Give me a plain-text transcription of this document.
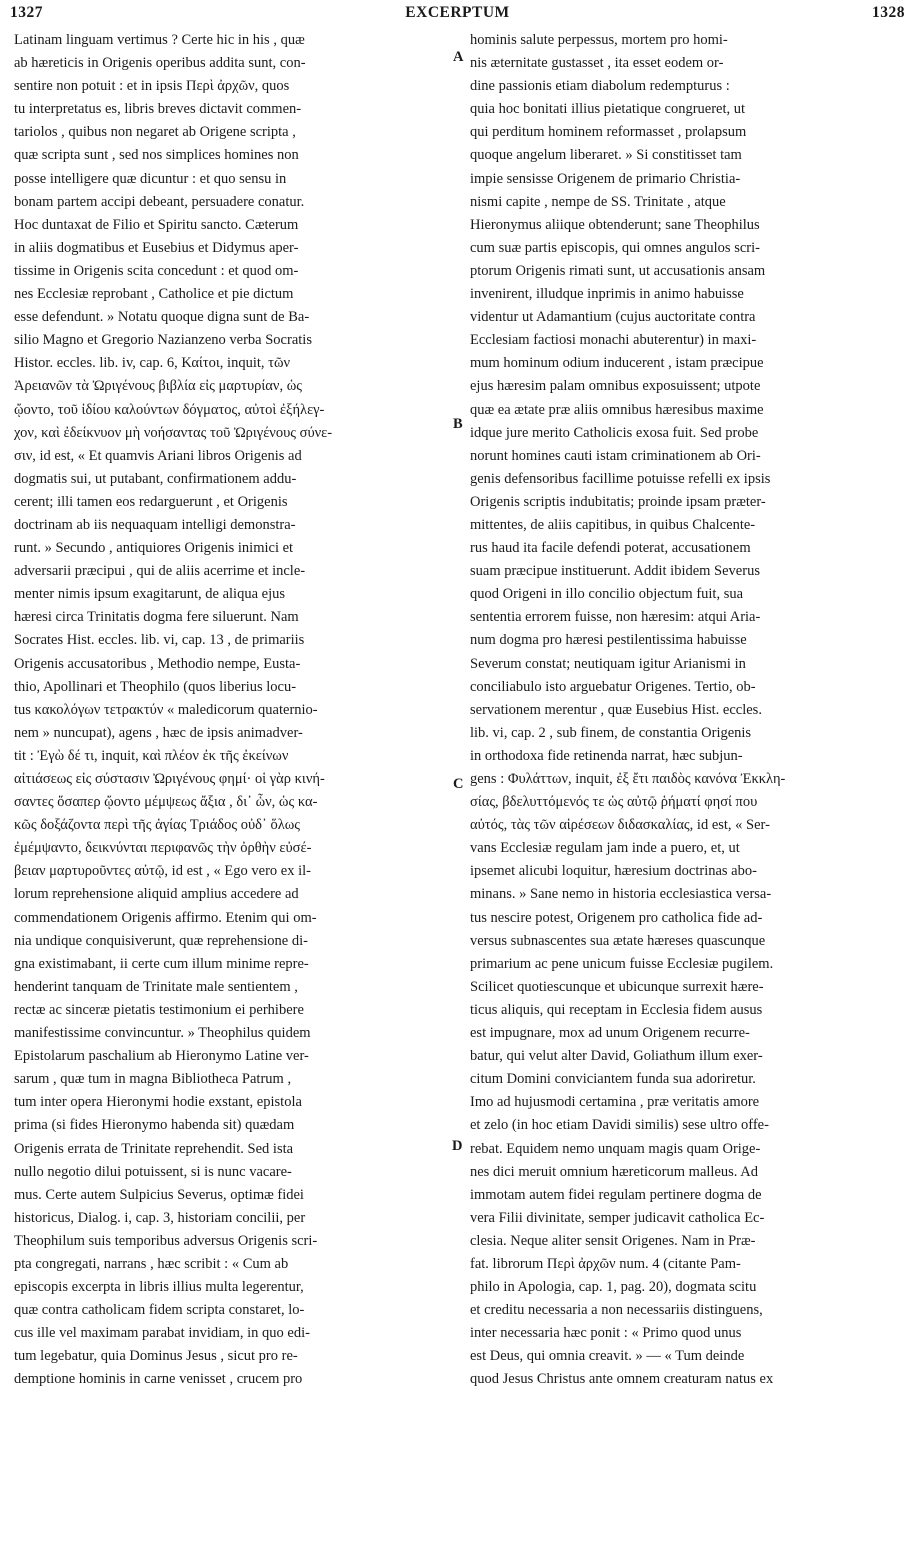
1327	EXCERPTUM	1328
Latinam linguam vertimus ? Certe hic in his , quæ
ab hæreticis in Origenis operibus addita sunt, con-
sentire non potuit : et in ipsis Περὶ ἀρχῶν, quos
tu interpretatus es, libris breves dictavit commen-
tariolos , quibus non negaret ab Origene scripta ,
quæ scripta sunt , sed nos simplices homines non
posse intelligere quæ dicuntur : et quo sensu in
bonam partem accipi debeant, persuadere conatur.
Hoc duntaxat de Filio et Spiritu sancto. Cæterum
in aliis dogmatibus et Eusebius et Didymus aper-
tissime in Origenis scita concedunt : et quod om-
nes Ecclesiæ reprobant , Catholice et pie dictum
esse defendunt. » Notatu quoque digna sunt de Ba-
silio Magno et Gregorio Nazianzeno verba Socratis
Histor. eccles. lib. iv, cap. 6, Καίτοι, inquit, τῶν
Ἀρειανῶν τὰ Ὠριγένους βιβλία εἰς μαρτυρίαν, ὡς
ᾤοντο, τοῦ ἰδίου καλούντων δόγματος, αὐτοὶ ἐξήλεγ-
χον, καὶ ἐδείκνυον μὴ νοήσαντας τοῦ Ὠριγένους σύνε-
σιν, id est, « Et quamvis Ariani libros Origenis ad
dogmatis sui, ut putabant, confirmationem addu-
cerent; illi tamen eos redarguerunt , et Origenis
doctrinam ab iis nequaquam intelligi demonstra-
runt. » Secundo , antiquiores Origenis inimici et
adversarii præcipui , qui de aliis acerrime et incle-
menter nimis ipsum exagitarunt, de aliqua ejus
hæresi circa Trinitatis dogma fere siluerunt. Nam
Socrates Hist. eccles. lib. vi, cap. 13 , de primariis
Origenis accusatoribus , Methodio nempe, Eusta-
thio, Apollinari et Theophilo (quos liberius locu-
tus κακολόγων τετρακτύν « maledicorum quaternio-
nem » nuncupat), agens , hæc de ipsis animadver-
tit : Ἐγὼ δέ τι, inquit, καὶ πλέον ἐκ τῆς ἐκείνων
αἰτιάσεως εἰς σύστασιν Ὠριγένους φημί· οἱ γὰρ κινή-
σαντες ὅσαπερ ᾤοντο μέμψεως ἄξια , δι᾽ ὧν, ὡς κα-
κῶς δοξάζοντα περὶ τῆς ἁγίας Τριάδος οὐδ᾽ ὅλως
ἐμέμψαντο, δεικνύνται περιφανῶς τὴν ὀρθὴν εὐσέ-
βειαν μαρτυροῦντες αὐτῷ, id est , « Ego vero ex il-
lorum reprehensione aliquid amplius accedere ad
commendationem Origenis affirmo. Etenim qui om-
nia undique conquisiverunt, quæ reprehensione di-
gna existimabant, ii certe cum illum minime repre-
henderint tanquam de Trinitate male sentientem ,
rectæ ac sinceræ pietatis testimonium ei perhibere
manifestissime convincuntur. » Theophilus quidem
Epistolarum paschalium ab Hieronymo Latine ver-
sarum , quæ tum in magna Bibliotheca Patrum ,
tum inter opera Hieronymi hodie exstant, epistola
prima (si fides Hieronymo habenda sit) quædam
Origenis errata de Trinitate reprehendit. Sed ista
nullo negotio dilui potuissent, si is nunc vacare-
mus. Certe autem Sulpicius Severus, optimæ fidei
historicus, Dialog. i, cap. 3, historiam concilii, per
Theophilum suis temporibus adversus Origenis scri-
pta congregati, narrans , hæc scribit : « Cum ab
episcopis excerpta in libris illius multa legerentur,
quæ contra catholicam fidem scripta constaret, lo-
cus ille vel maximam parabat invidiam, in quo edi-
tum legebatur, quia Dominus Jesus , sicut pro re-
demptione hominis in carne venisset , crucem pro
hominis salute perpessus, mortem pro homi-
nis æternitate gustasset , ita esset eodem or-
dine passionis etiam diabolum redempturus :
quia hoc bonitati illius pietatique congrueret, ut
qui perditum hominem reformasset , prolapsum
quoque angelum liberaret. » Si constitisset tam
impie sensisse Origenem de primario Christia-
nismi capite , nempe de SS. Trinitate , atque
Hieronymus aliique obtenderunt; sane Theophilus
cum suæ partis episcopis, qui omnes angulos scri-
ptorum Origenis rimati sunt, ut accusationis ansam
invenirent, illudque inprimis in animo habuisse
videntur ut Adamantium (cujus auctoritate contra
Ecclesiam factiosi monachi abuterentur) in maxi-
mum hominum odium inducerent , istam præcipue
ejus hæresim palam omnibus exposuissent; utpote
quæ ea ætate præ aliis omnibus hæresibus maxime
idque jure merito Catholicis exosa fuit. Sed probe
norunt homines cauti istam criminationem ab Ori-
genis defensoribus facillime potuisse refelli ex ipsis
Origenis scriptis indubitatis; proinde ipsam præter-
mittentes, de aliis capitibus, in quibus Chalcente-
rus haud ita facile defendi poterat, accusationem
suam præcipue instituerunt. Addit ibidem Severus
quod Origeni in illo concilio objectum fuit, sua
sententia errorem fuisse, non hæresim: atqui Aria-
num dogma pro hæresi pestilentissima habuisse
Severum constat; neutiquam igitur Arianismi in
conciliabulo isto arguebatur Origenes. Tertio, ob-
servationem merentur , quæ Eusebius Hist. eccles.
lib. vi, cap. 2 , sub finem, de constantia Origenis
in orthodoxa fide retinenda narrat, hæc subjun-
gens : Φυλάττων, inquit, ἐξ ἔτι παιδὸς κανόνα Ἐκκλη-
σίας, βδελυττόμενός τε ὡς αὐτῷ ῥήματί φησί που
αὐτός, τὰς τῶν αἱρέσεων διδασκαλίας, id est, « Ser-
vans Ecclesiæ regulam jam inde a puero, et, ut
ipsemet alicubi loquitur, hæresium doctrinas abo-
minans. » Sane nemo in historia ecclesiastica versa-
tus nescire potest, Origenem pro catholica fide ad-
versus subnascentes sua ætate hæreses quascunque
primarium ac pene unicum fuisse Ecclesiæ pugilem.
Scilicet quotiescunque et ubicunque surrexit hære-
ticus aliquis, qui receptam in Ecclesia fidem ausus
est impugnare, mox ad unum Origenem recurre-
batur, qui velut alter David, Goliathum illum exer-
citum Domini conviciantem funda sua adoriretur.
Imo ad hujusmodi certamina , præ veritatis amore
et zelo (in hoc etiam Davidi similis) sese ultro offe-
rebat. Equidem nemo unquam magis quam Orige-
nes dici meruit omnium hæreticorum malleus. Ad
immotam autem fidei regulam pertinere dogma de
vera Filii divinitate, semper judicavit catholica Ec-
clesia. Neque aliter sensit Origenes. Nam in Præ-
fat. librorum Περὶ ἀρχῶν num. 4 (citante Pam-
philo in Apologia, cap. 1, pag. 20), dogmata scitu
et creditu necessaria a non necessariis distinguens,
inter necessaria hæc ponit : « Primo quod unus
est Deus, qui omnia creavit. » — « Tum deinde
quod Jesus Christus ante omnem creaturam natus ex
A
B
C
D
